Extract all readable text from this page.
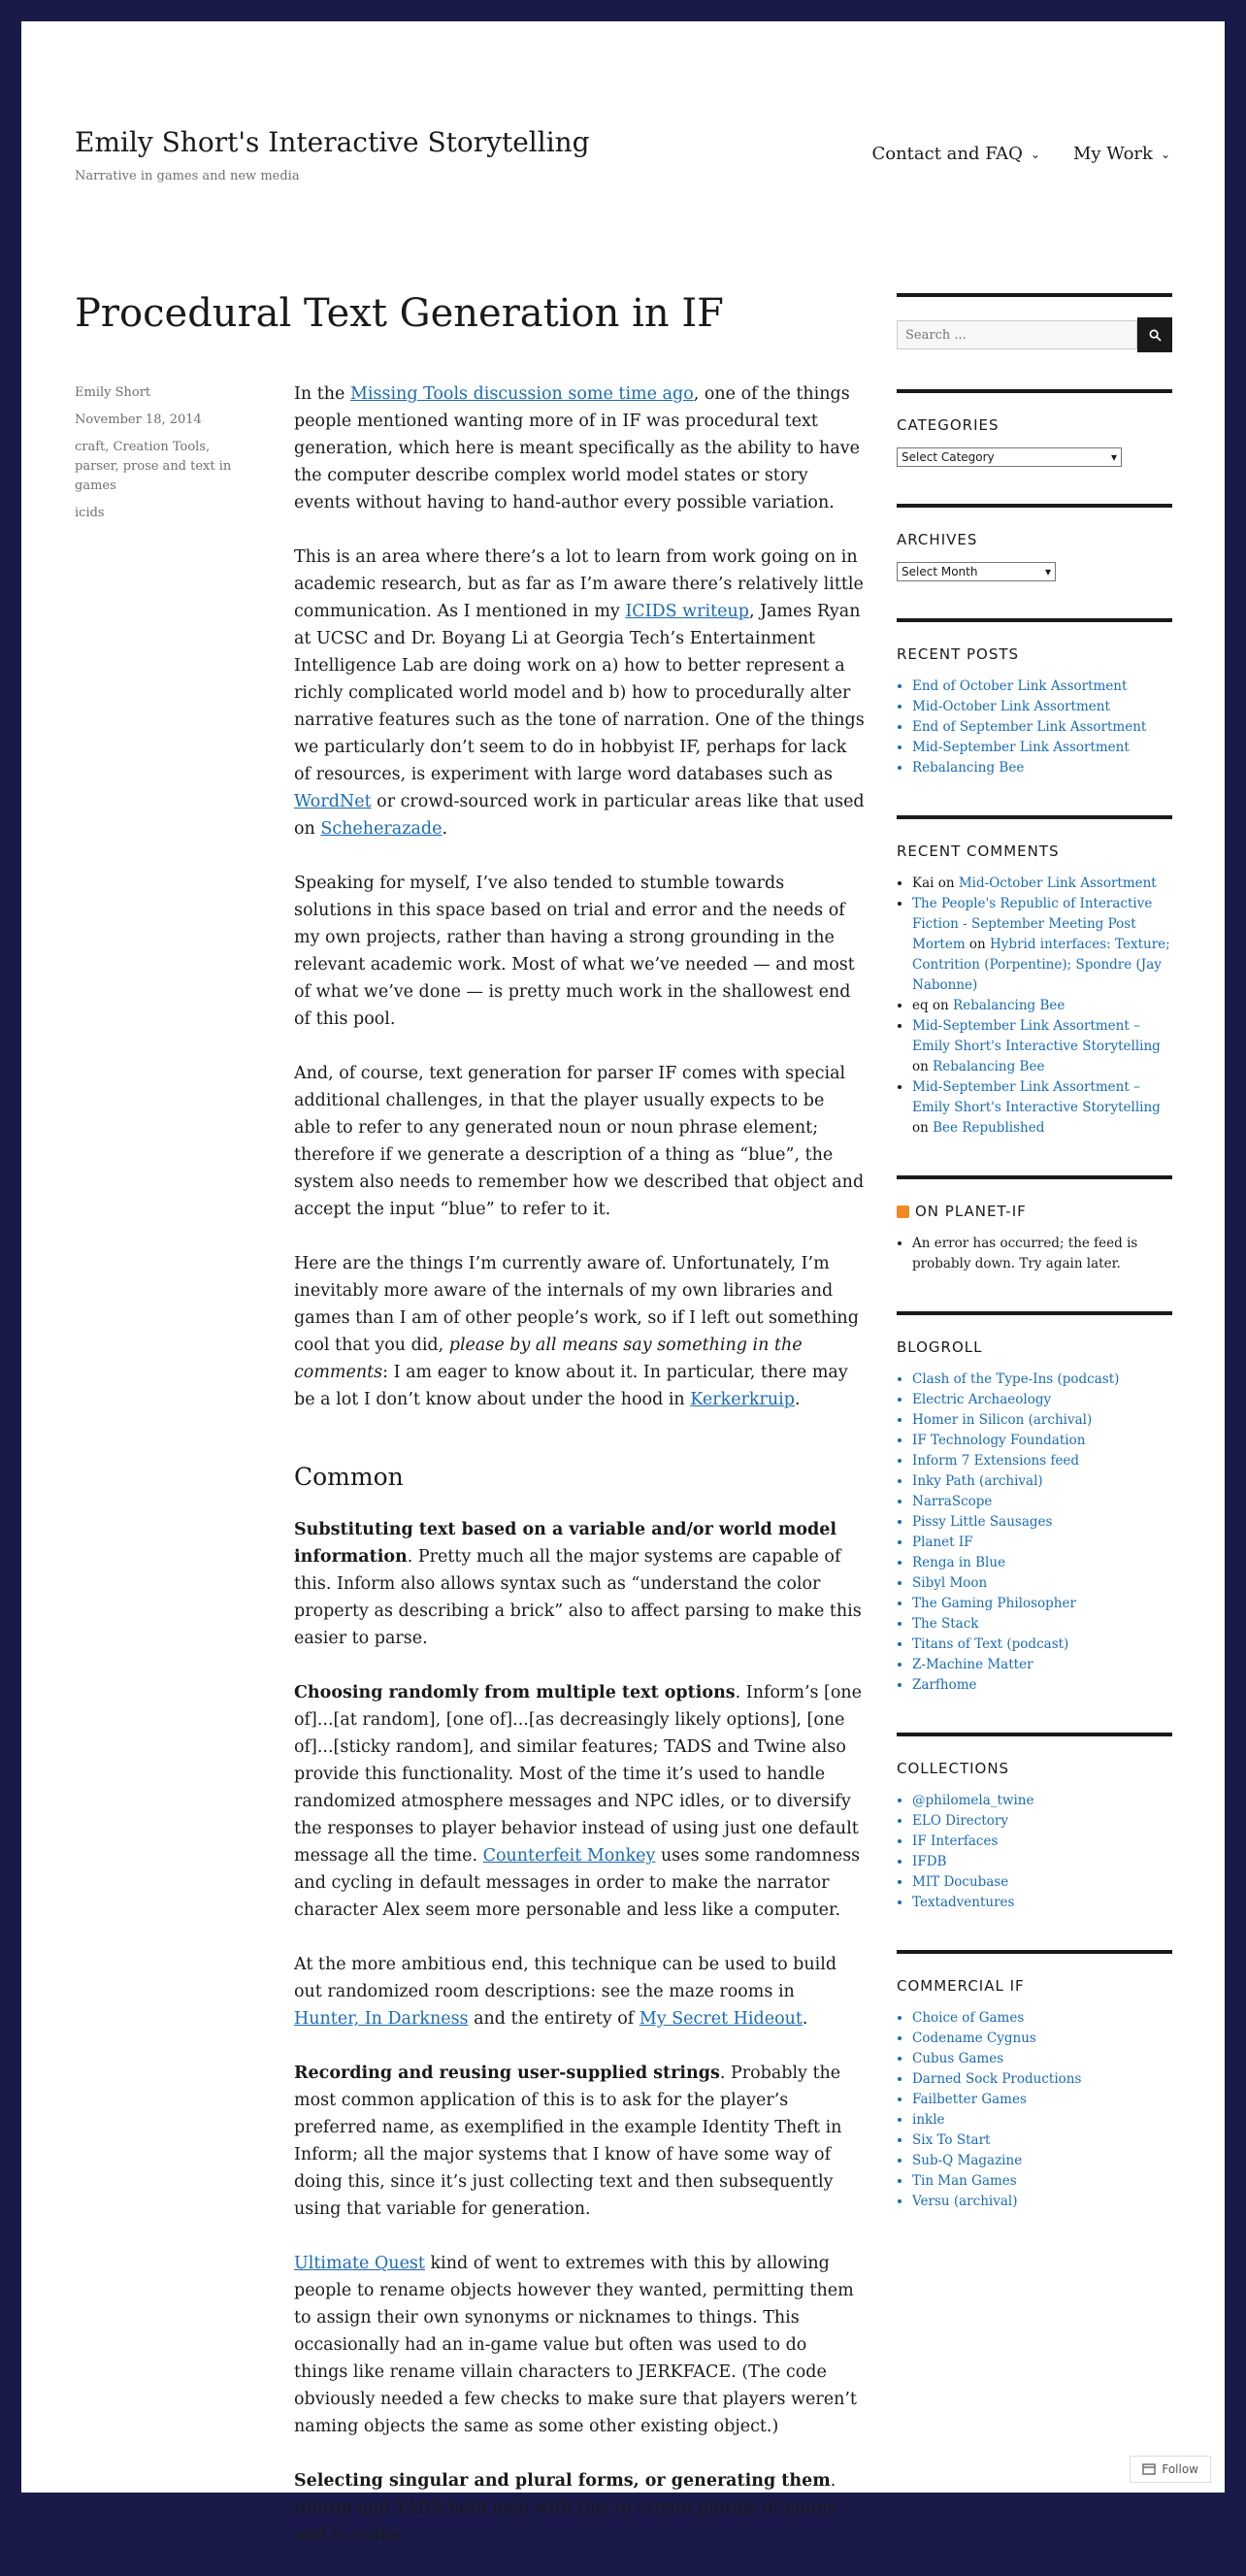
Emily Short's Interactive Storytelling
Narrative in games and new media
Contact and FAQ ⌄ My Work ⌄
Procedural Text Generation in IF
Emily Short
November 18, 2014
craft, Creation Tools, parser, prose and text in games
icids

In the Missing Tools discussion some time ago, one of the things people mentioned wanting more of in IF was procedural text generation, which here is meant specifically as the ability to have the computer describe complex world model states or story events without having to hand-author every possible variation.

This is an area where there’s a lot to learn from work going on in academic research, but as far as I’m aware there’s relatively little communication. As I mentioned in my ICIDS writeup, James Ryan at UCSC and Dr. Boyang Li at Georgia Tech’s Entertainment Intelligence Lab are doing work on a) how to better represent a richly complicated world model and b) how to procedurally alter narrative features such as the tone of narration. One of the things we particularly don’t seem to do in hobbyist IF, perhaps for lack of resources, is experiment with large word databases such as WordNet or crowd-sourced work in particular areas like that used on Scheherazade.

Speaking for myself, I’ve also tended to stumble towards solutions in this space based on trial and error and the needs of my own projects, rather than having a strong grounding in the relevant academic work. Most of what we’ve needed — and most of what we’ve done — is pretty much work in the shallowest end of this pool.

And, of course, text generation for parser IF comes with special additional challenges, in that the player usually expects to be able to refer to any generated noun or noun phrase element; therefore if we generate a description of a thing as “blue”, the system also needs to remember how we described that object and accept the input “blue” to refer to it.

Here are the things I’m currently aware of. Unfortunately, I’m inevitably more aware of the internals of my own libraries and games than I am of other people’s work, so if I left out something cool that you did, please by all means say something in the comments: I am eager to know about it. In particular, there may be a lot I don’t know about under the hood in Kerkerkruip.

Common

Substituting text based on a variable and/or world model information. Pretty much all the major systems are capable of this. Inform also allows syntax such as “understand the color property as describing a brick” also to affect parsing to make this easier to parse.

Choosing randomly from multiple text options. Inform’s [one of]...[at random], [one of]...[as decreasingly likely options], [one of]...[sticky random], and similar features; TADS and Twine also provide this functionality. Most of the time it’s used to handle randomized atmosphere messages and NPC idles, or to diversify the responses to player behavior instead of using just one default message all the time. Counterfeit Monkey uses some randomness and cycling in default messages in order to make the narrator character Alex seem more personable and less like a computer.

At the more ambitious end, this technique can be used to build out randomized room descriptions: see the maze rooms in Hunter, In Darkness and the entirety of My Secret Hideout.

Recording and reusing user-supplied strings. Probably the most common application of this is to ask for the player’s preferred name, as exemplified in the example Identity Theft in Inform; all the major systems that I know of have some way of doing this, since it’s just collecting text and then subsequently using that variable for generation.

Ultimate Quest kind of went to extremes with this by allowing people to rename objects however they wanted, permitting them to assign their own synonyms or nicknames to things. This occasionally had an in-game value but often was used to do things like rename villain characters to JERKFACE. (The code obviously needed a few checks to make sure that players weren’t naming objects the same as some other existing object.)

Selecting singular and plural forms, or generating them. Inform and TADS both deal with this to create plurals of nouns and to make

Search ...
CATEGORIES
Select Category	▾
ARCHIVES
Select Month	▾
RECENT POSTS
• End of October Link Assortment
• Mid-October Link Assortment
• End of September Link Assortment
• Mid-September Link Assortment
• Rebalancing Bee
RECENT COMMENTS
• Kai on Mid-October Link Assortment
• The People's Republic of Interactive Fiction - September Meeting Post Mortem on Hybrid interfaces: Texture; Contrition (Porpentine); Spondre (Jay Nabonne)
• eq on Rebalancing Bee
• Mid-September Link Assortment – Emily Short's Interactive Storytelling on Rebalancing Bee
• Mid-September Link Assortment – Emily Short's Interactive Storytelling on Bee Republished
ON PLANET-IF
• An error has occurred; the feed is probably down. Try again later.
BLOGROLL
• Clash of the Type-Ins (podcast)
• Electric Archaeology
• Homer in Silicon (archival)
• IF Technology Foundation
• Inform 7 Extensions feed
• Inky Path (archival)
• NarraScope
• Pissy Little Sausages
• Planet IF
• Renga in Blue
• Sibyl Moon
• The Gaming Philosopher
• The Stack
• Titans of Text (podcast)
• Z-Machine Matter
• Zarfhome
COLLECTIONS
• @philomela_twine
• ELO Directory
• IF Interfaces
• IFDB
• MIT Docubase
• Textadventures
COMMERCIAL IF
• Choice of Games
• Codename Cygnus
• Cubus Games
• Darned Sock Productions
• Failbetter Games
• inkle
• Six To Start
• Sub-Q Magazine
• Tin Man Games
• Versu (archival)
Follow
